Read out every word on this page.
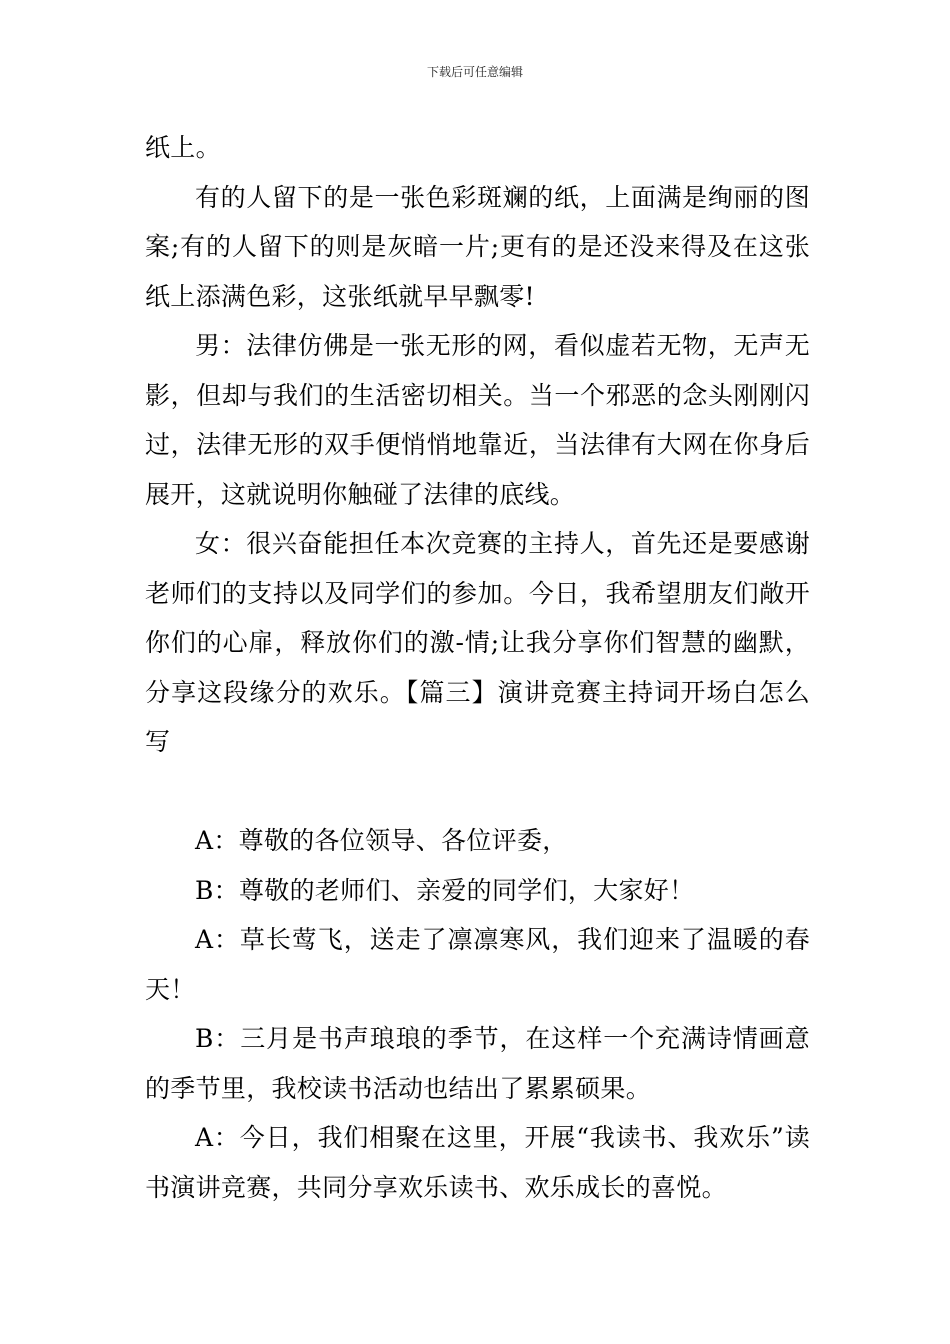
下载后可任意编辑

纸上。

有的人留下的是一张色彩斑斓的纸，上面满是绚丽的图案;有的人留下的则是灰暗一片;更有的是还没来得及在这张纸上添满色彩，这张纸就早早飘零!

男：法律仿佛是一张无形的网，看似虚若无物，无声无影，但却与我们的生活密切相关。当一个邪恶的念头刚刚闪过，法律无形的双手便悄悄地靠近，当法律有大网在你身后展开，这就说明你触碰了法律的底线。

女：很兴奋能担任本次竞赛的主持人，首先还是要感谢老师们的支持以及同学们的参加。今日，我希望朋友们敞开你们的心扉，释放你们的激-情;让我分享你们智慧的幽默，分享这段缘分的欢乐。【篇三】演讲竞赛主持词开场白怎么写

A：尊敬的各位领导、各位评委，

B：尊敬的老师们、亲爱的同学们，大家好！

A：草长莺飞，送走了凛凛寒风，我们迎来了温暖的春天！

B：三月是书声琅琅的季节，在这样一个充满诗情画意的季节里，我校读书活动也结出了累累硕果。

A：今日，我们相聚在这里，开展“我读书、我欢乐”读书演讲竞赛，共同分享欢乐读书、欢乐成长的喜悦。
